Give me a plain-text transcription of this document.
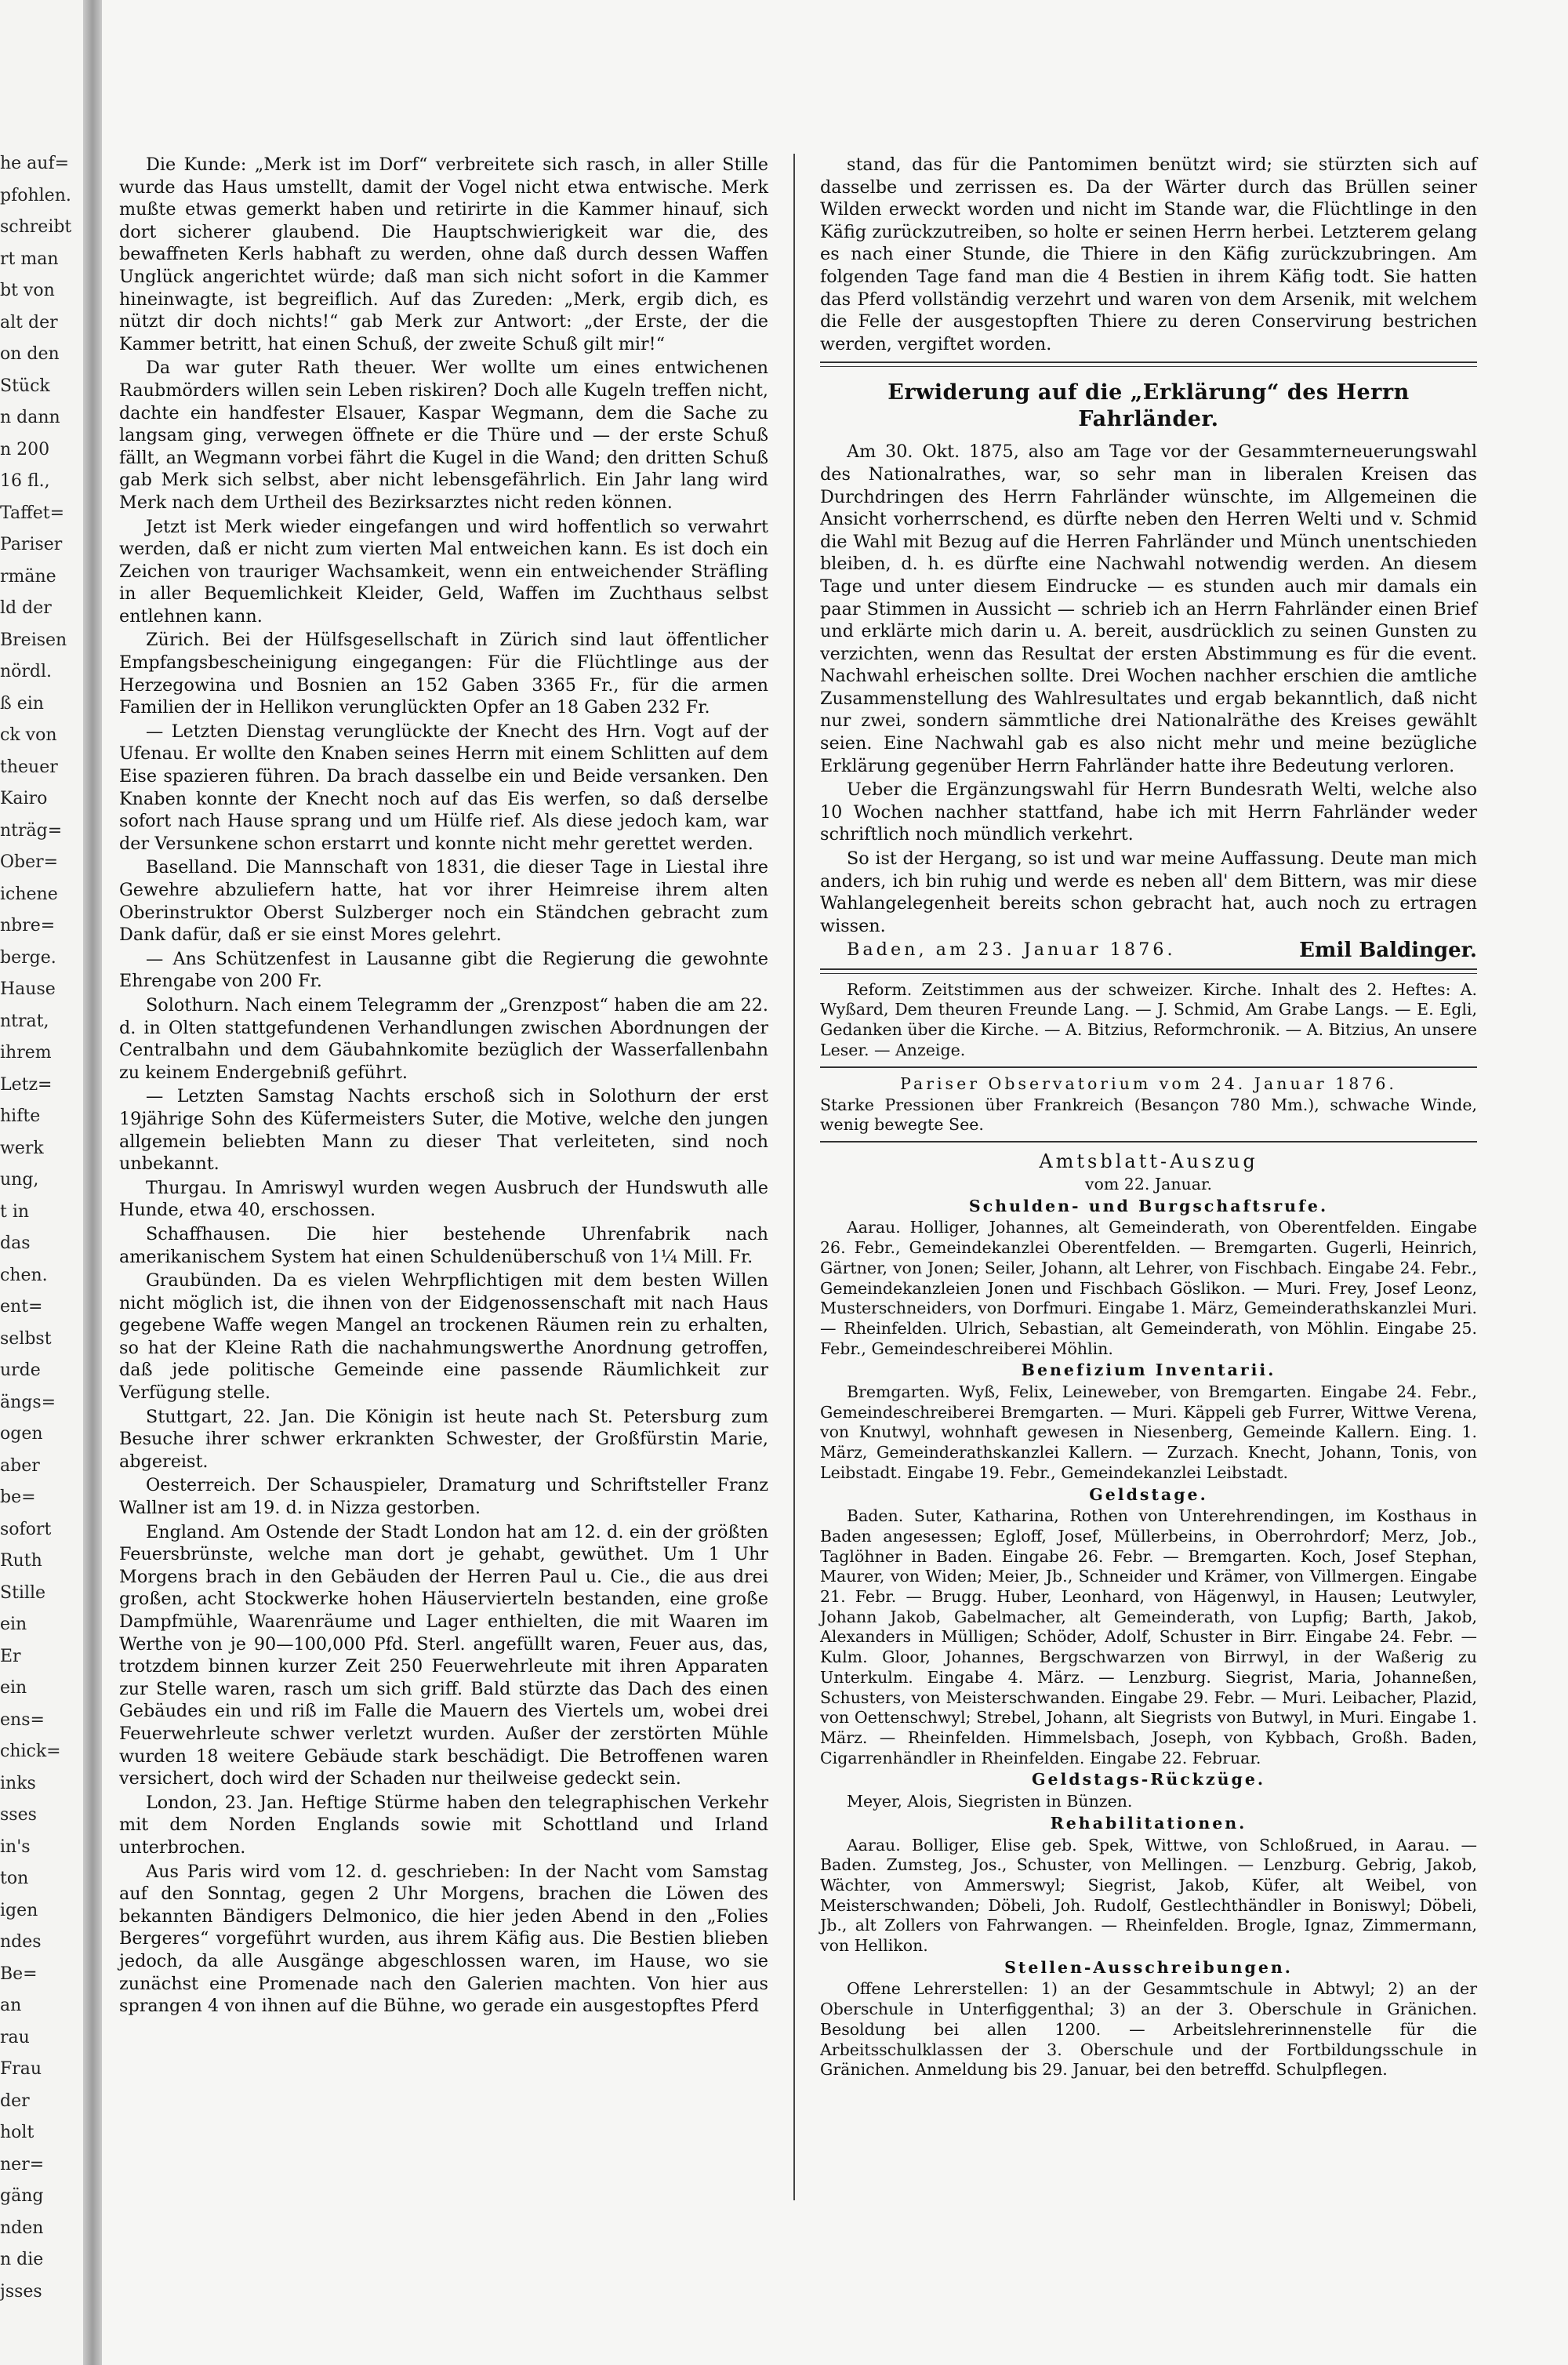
he auf=

pfohlen.

schreibt

rt man

bt von

alt der

on den

Stück

n dann

n 200

16 fl.,

Taffet=

Pariser

rmäne

ld der

Breisen

nördl.

ß ein

ck von

theuer

Kairo

nträg=

Ober=

ichene

nbre=

berge.

Hause

ntrat,

ihrem

Letz=

hifte

werk

ung,

t in

das

chen.

ent=

selbst

urde

ängs=

ogen

aber

be=

sofort

Ruth

Stille

ein

Er

ein

ens=

chick=

inks

sses

in's

ton

igen

ndes

Be=

an

rau

Frau

der

holt

ner=

gäng

nden

n die

jsses

Die Kunde: „Merk ist im Dorf“ verbreitete sich rasch, in aller Stille wurde das Haus umstellt, damit der Vogel nicht etwa entwische. Merk mußte etwas gemerkt haben und retirirte in die Kammer hinauf, sich dort sicherer glaubend. Die Hauptschwierigkeit war die, des bewaffneten Kerls habhaft zu werden, ohne daß durch dessen Waffen Unglück angerichtet würde; daß man sich nicht sofort in die Kammer hineinwagte, ist begreiflich. Auf das Zureden: „Merk, ergib dich, es nützt dir doch nichts!“ gab Merk zur Antwort: „der Erste, der die Kammer betritt, hat einen Schuß, der zweite Schuß gilt mir!“

Da war guter Rath theuer. Wer wollte um eines entwichenen Raubmörders willen sein Leben riskiren? Doch alle Kugeln treffen nicht, dachte ein handfester Elsauer, Kaspar Wegmann, dem die Sache zu langsam ging, verwegen öffnete er die Thüre und — der erste Schuß fällt, an Wegmann vorbei fährt die Kugel in die Wand; den dritten Schuß gab Merk sich selbst, aber nicht lebensgefährlich. Ein Jahr lang wird Merk nach dem Urtheil des Bezirksarztes nicht reden können.

Jetzt ist Merk wieder eingefangen und wird hoffentlich so verwahrt werden, daß er nicht zum vierten Mal entweichen kann. Es ist doch ein Zeichen von trauriger Wachsamkeit, wenn ein entweichender Sträfling in aller Bequemlichkeit Kleider, Geld, Waffen im Zuchthaus selbst entlehnen kann.

Zürich. Bei der Hülfsgesellschaft in Zürich sind laut öffentlicher Empfangsbescheinigung eingegangen: Für die Flüchtlinge aus der Herzegowina und Bosnien an 152 Gaben 3365 Fr., für die armen Familien der in Hellikon verunglückten Opfer an 18 Gaben 232 Fr.

— Letzten Dienstag verunglückte der Knecht des Hrn. Vogt auf der Ufenau. Er wollte den Knaben seines Herrn mit einem Schlitten auf dem Eise spazieren führen. Da brach dasselbe ein und Beide versanken. Den Knaben konnte der Knecht noch auf das Eis werfen, so daß derselbe sofort nach Hause sprang und um Hülfe rief. Als diese jedoch kam, war der Versunkene schon erstarrt und konnte nicht mehr gerettet werden.

Baselland. Die Mannschaft von 1831, die dieser Tage in Liestal ihre Gewehre abzuliefern hatte, hat vor ihrer Heimreise ihrem alten Oberinstruktor Oberst Sulzberger noch ein Ständchen gebracht zum Dank dafür, daß er sie einst Mores gelehrt.

— Ans Schützenfest in Lausanne gibt die Regierung die gewohnte Ehrengabe von 200 Fr.

Solothurn. Nach einem Telegramm der „Grenzpost“ haben die am 22. d. in Olten stattgefundenen Verhandlungen zwischen Abordnungen der Centralbahn und dem Gäubahnkomite bezüglich der Wasserfallenbahn zu keinem Endergebniß geführt.

— Letzten Samstag Nachts erschoß sich in Solothurn der erst 19jährige Sohn des Küfermeisters Suter, die Motive, welche den jungen allgemein beliebten Mann zu dieser That verleiteten, sind noch unbekannt.

Thurgau. In Amriswyl wurden wegen Ausbruch der Hundswuth alle Hunde, etwa 40, erschossen.

Schaffhausen. Die hier bestehende Uhrenfabrik nach amerikanischem System hat einen Schuldenüberschuß von 1¼ Mill. Fr.

Graubünden. Da es vielen Wehrpflichtigen mit dem besten Willen nicht möglich ist, die ihnen von der Eidgenossenschaft mit nach Haus gegebene Waffe wegen Mangel an trockenen Räumen rein zu erhalten, so hat der Kleine Rath die nachahmungswerthe Anordnung getroffen, daß jede politische Gemeinde eine passende Räumlichkeit zur Verfügung stelle.

Stuttgart, 22. Jan. Die Königin ist heute nach St. Petersburg zum Besuche ihrer schwer erkrankten Schwester, der Großfürstin Marie, abgereist.

Oesterreich. Der Schauspieler, Dramaturg und Schriftsteller Franz Wallner ist am 19. d. in Nizza gestorben.

England. Am Ostende der Stadt London hat am 12. d. ein der größten Feuersbrünste, welche man dort je gehabt, gewüthet. Um 1 Uhr Morgens brach in den Gebäuden der Herren Paul u. Cie., die aus drei großen, acht Stockwerke hohen Häuservierteln bestanden, eine große Dampfmühle, Waarenräume und Lager enthielten, die mit Waaren im Werthe von je 90—100,000 Pfd. Sterl. angefüllt waren, Feuer aus, das, trotzdem binnen kurzer Zeit 250 Feuerwehrleute mit ihren Apparaten zur Stelle waren, rasch um sich griff. Bald stürzte das Dach des einen Gebäudes ein und riß im Falle die Mauern des Viertels um, wobei drei Feuerwehrleute schwer verletzt wurden. Außer der zerstörten Mühle wurden 18 weitere Gebäude stark beschädigt. Die Betroffenen waren versichert, doch wird der Schaden nur theilweise gedeckt sein.

London, 23. Jan. Heftige Stürme haben den telegraphischen Verkehr mit dem Norden Englands sowie mit Schottland und Irland unterbrochen.

Aus Paris wird vom 12. d. geschrieben: In der Nacht vom Samstag auf den Sonntag, gegen 2 Uhr Morgens, brachen die Löwen des bekannten Bändigers Delmonico, die hier jeden Abend in den „Folies Bergeres“ vorgeführt wurden, aus ihrem Käfig aus. Die Bestien blieben jedoch, da alle Ausgänge abgeschlossen waren, im Hause, wo sie zunächst eine Promenade nach den Galerien machten. Von hier aus sprangen 4 von ihnen auf die Bühne, wo gerade ein ausgestopftes Pferd

stand, das für die Pantomimen benützt wird; sie stürzten sich auf dasselbe und zerrissen es. Da der Wärter durch das Brüllen seiner Wilden erweckt worden und nicht im Stande war, die Flüchtlinge in den Käfig zurückzutreiben, so holte er seinen Herrn herbei. Letzterem gelang es nach einer Stunde, die Thiere in den Käfig zurückzubringen. Am folgenden Tage fand man die 4 Bestien in ihrem Käfig todt. Sie hatten das Pferd vollständig verzehrt und waren von dem Arsenik, mit welchem die Felle der ausgestopften Thiere zu deren Conservirung bestrichen werden, vergiftet worden.

Erwiderung auf die „Erklärung“ des Herrn Fahrländer.

Am 30. Okt. 1875, also am Tage vor der Gesammterneuerungswahl des Nationalrathes, war, so sehr man in liberalen Kreisen das Durchdringen des Herrn Fahrländer wünschte, im Allgemeinen die Ansicht vorherrschend, es dürfte neben den Herren Welti und v. Schmid die Wahl mit Bezug auf die Herren Fahrländer und Münch unentschieden bleiben, d. h. es dürfte eine Nachwahl notwendig werden. An diesem Tage und unter diesem Eindrucke — es stunden auch mir damals ein paar Stimmen in Aussicht — schrieb ich an Herrn Fahrländer einen Brief und erklärte mich darin u. A. bereit, ausdrücklich zu seinen Gunsten zu verzichten, wenn das Resultat der ersten Abstimmung es für die event. Nachwahl erheischen sollte. Drei Wochen nachher erschien die amtliche Zusammenstellung des Wahlresultates und ergab bekanntlich, daß nicht nur zwei, sondern sämmtliche drei Nationalräthe des Kreises gewählt seien. Eine Nachwahl gab es also nicht mehr und meine bezügliche Erklärung gegenüber Herrn Fahrländer hatte ihre Bedeutung verloren.

Ueber die Ergänzungswahl für Herrn Bundesrath Welti, welche also 10 Wochen nachher stattfand, habe ich mit Herrn Fahrländer weder schriftlich noch mündlich verkehrt.

So ist der Hergang, so ist und war meine Auffassung. Deute man mich anders, ich bin ruhig und werde es neben all' dem Bittern, was mir diese Wahlangelegenheit bereits schon gebracht hat, auch noch zu ertragen wissen.

Baden, am 23. Januar 1876.	Emil Baldinger.

Reform. Zeitstimmen aus der schweizer. Kirche. Inhalt des 2. Heftes: A. Wyßard, Dem theuren Freunde Lang. — J. Schmid, Am Grabe Langs. — E. Egli, Gedanken über die Kirche. — A. Bitzius, Reformchronik. — A. Bitzius, An unsere Leser. — Anzeige.

Pariser Observatorium vom 24. Januar 1876.

Starke Pressionen über Frankreich (Besançon 780 Mm.), schwache Winde, wenig bewegte See.

Amtsblatt-Auszug

vom 22. Januar.

Schulden- und Burgschaftsrufe.

Aarau. Holliger, Johannes, alt Gemeinderath, von Oberentfelden. Eingabe 26. Febr., Gemeindekanzlei Oberentfelden. — Bremgarten. Gugerli, Heinrich, Gärtner, von Jonen; Seiler, Johann, alt Lehrer, von Fischbach. Eingabe 24. Febr., Gemeindekanzleien Jonen und Fischbach Göslikon. — Muri. Frey, Josef Leonz, Musterschneiders, von Dorfmuri. Eingabe 1. März, Gemeinderathskanzlei Muri. — Rheinfelden. Ulrich, Sebastian, alt Gemeinderath, von Möhlin. Eingabe 25. Febr., Gemeindeschreiberei Möhlin.

Benefizium Inventarii.

Bremgarten. Wyß, Felix, Leineweber, von Bremgarten. Eingabe 24. Febr., Gemeindeschreiberei Bremgarten. — Muri. Käppeli geb Furrer, Wittwe Verena, von Knutwyl, wohnhaft gewesen in Niesenberg, Gemeinde Kallern. Eing. 1. März, Gemeinderathskanzlei Kallern. — Zurzach. Knecht, Johann, Tonis, von Leibstadt. Eingabe 19. Febr., Gemeindekanzlei Leibstadt.

Geldstage.

Baden. Suter, Katharina, Rothen von Unterehrendingen, im Kosthaus in Baden angesessen; Egloff, Josef, Müllerbeins, in Oberrohrdorf; Merz, Job., Taglöhner in Baden. Eingabe 26. Febr. — Bremgarten. Koch, Josef Stephan, Maurer, von Widen; Meier, Jb., Schneider und Krämer, von Villmergen. Eingabe 21. Febr. — Brugg. Huber, Leonhard, von Hägenwyl, in Hausen; Leutwyler, Johann Jakob, Gabelmacher, alt Gemeinderath, von Lupfig; Barth, Jakob, Alexanders in Mülligen; Schöder, Adolf, Schuster in Birr. Eingabe 24. Febr. — Kulm. Gloor, Johannes, Bergschwarzen von Birrwyl, in der Waßerig zu Unterkulm. Eingabe 4. März. — Lenzburg. Siegrist, Maria, Johanneßen, Schusters, von Meisterschwanden. Eingabe 29. Febr. — Muri. Leibacher, Plazid, von Oettenschwyl; Strebel, Johann, alt Siegrists von Butwyl, in Muri. Eingabe 1. März. — Rheinfelden. Himmelsbach, Joseph, von Kybbach, Großh. Baden, Cigarrenhändler in Rheinfelden. Eingabe 22. Februar.

Geldstags-Rückzüge.

Meyer, Alois, Siegristen in Bünzen.

Rehabilitationen.

Aarau. Bolliger, Elise geb. Spek, Wittwe, von Schloßrued, in Aarau. — Baden. Zumsteg, Jos., Schuster, von Mellingen. — Lenzburg. Gebrig, Jakob, Wächter, von Ammerswyl; Siegrist, Jakob, Küfer, alt Weibel, von Meisterschwanden; Döbeli, Joh. Rudolf, Gestlechthändler in Boniswyl; Döbeli, Jb., alt Zollers von Fahrwangen. — Rheinfelden. Brogle, Ignaz, Zimmermann, von Hellikon.

Stellen-Ausschreibungen.

Offene Lehrerstellen: 1) an der Gesammtschule in Abtwyl; 2) an der Oberschule in Unterfiggenthal; 3) an der 3. Oberschule in Gränichen. Besoldung bei allen 1200. — Arbeitslehrerinnenstelle für die Arbeitsschulklassen der 3. Oberschule und der Fortbildungsschule in Gränichen. Anmeldung bis 29. Januar, bei den betreffd. Schulpflegen.
